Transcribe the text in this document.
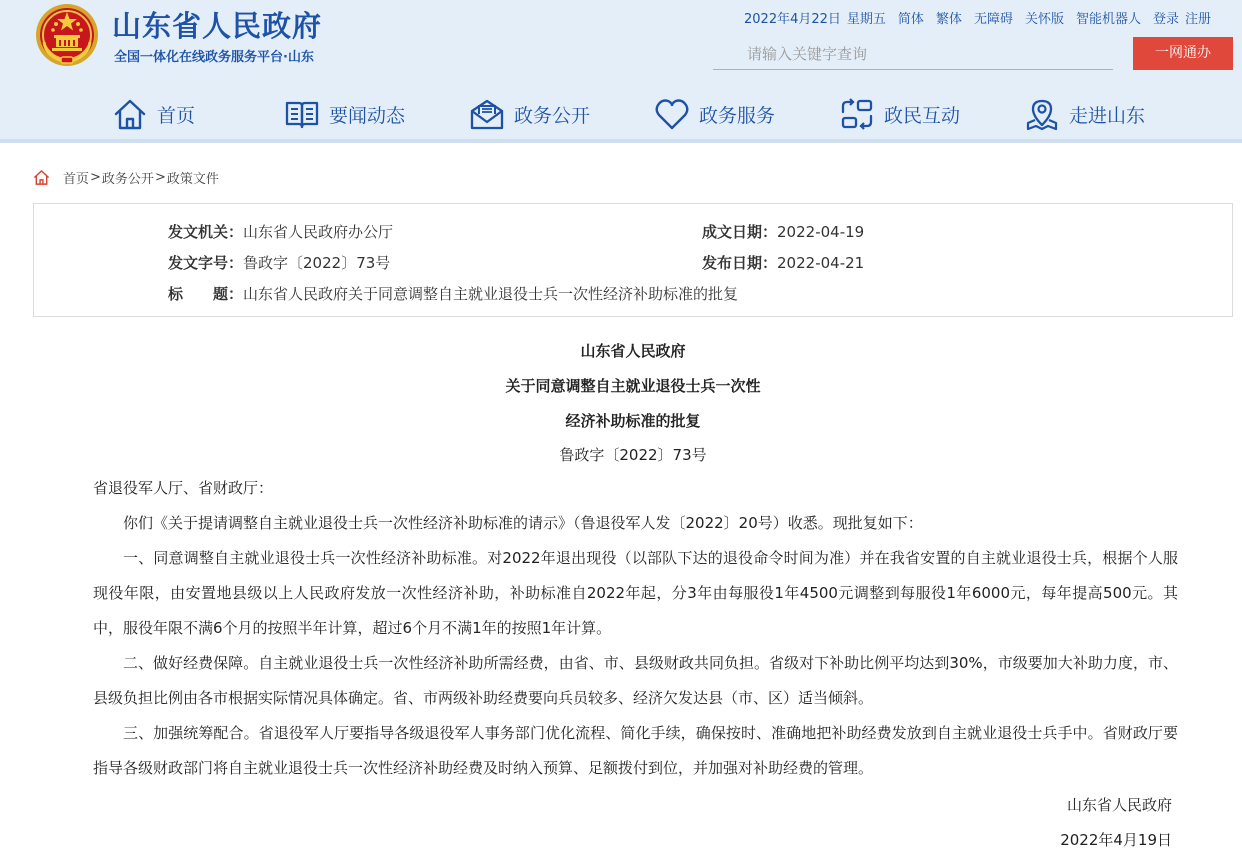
山东省人民政府
全国一体化在线政务服务平台·山东
2022年4月22日 星期五 简体 繁体 无障碍 关怀版 智能机器人 登录 注册
请输入关键字查询
一网通办
首页	要闻动态	政务公开	政务服务	政民互动	走进山东
首页 > 政务公开 > 政策文件
发文机关：山东省人民政府办公厅	成文日期：2022-04-19
发文字号：鲁政字〔2022〕73号	发布日期：2022-04-21
标　　题：山东省人民政府关于同意调整自主就业退役士兵一次性经济补助标准的批复
山东省人民政府
关于同意调整自主就业退役士兵一次性
经济补助标准的批复
鲁政字〔2022〕73号
省退役军人厅、省财政厅：
你们《关于提请调整自主就业退役士兵一次性经济补助标准的请示》（鲁退役军人发〔2022〕20号）收悉。现批复如下：
一、同意调整自主就业退役士兵一次性经济补助标准。对2022年退出现役（以部队下达的退役命令时间为准）并在我省安置的自主就业退役士兵，根据个人服现役年限，由安置地县级以上人民政府发放一次性经济补助，补助标准自2022年起，分3年由每服役1年4500元调整到每服役1年6000元，每年提高500元。其中，服役年限不满6个月的按照半年计算，超过6个月不满1年的按照1年计算。
二、做好经费保障。自主就业退役士兵一次性经济补助所需经费，由省、市、县级财政共同负担。省级对下补助比例平均达到30%，市级要加大补助力度，市、县级负担比例由各市根据实际情况具体确定。省、市两级补助经费要向兵员较多、经济欠发达县（市、区）适当倾斜。
三、加强统筹配合。省退役军人厅要指导各级退役军人事务部门优化流程、简化手续，确保按时、准确地把补助经费发放到自主就业退役士兵手中。省财政厅要指导各级财政部门将自主就业退役士兵一次性经济补助经费及时纳入预算、足额拨付到位，并加强对补助经费的管理。
山东省人民政府
2022年4月19日
